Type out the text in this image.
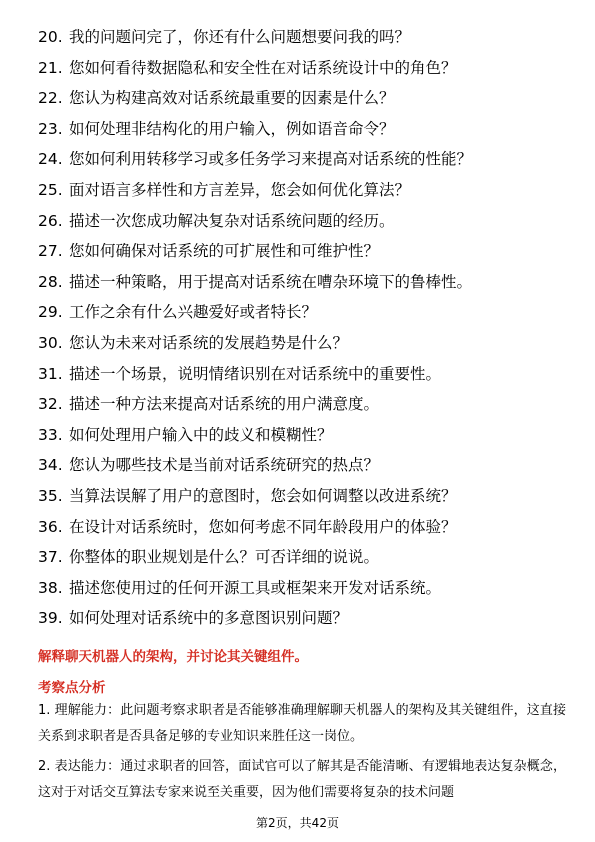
20. 我的问题问完了，你还有什么问题想要问我的吗？
21. 您如何看待数据隐私和安全性在对话系统设计中的角色？
22. 您认为构建高效对话系统最重要的因素是什么？
23. 如何处理非结构化的用户输入，例如语音命令？
24. 您如何利用转移学习或多任务学习来提高对话系统的性能？
25. 面对语言多样性和方言差异，您会如何优化算法？
26. 描述一次您成功解决复杂对话系统问题的经历。
27. 您如何确保对话系统的可扩展性和可维护性？
28. 描述一种策略，用于提高对话系统在嘈杂环境下的鲁棒性。
29. 工作之余有什么兴趣爱好或者特长？
30. 您认为未来对话系统的发展趋势是什么？
31. 描述一个场景，说明情绪识别在对话系统中的重要性。
32. 描述一种方法来提高对话系统的用户满意度。
33. 如何处理用户输入中的歧义和模糊性？
34. 您认为哪些技术是当前对话系统研究的热点？
35. 当算法误解了用户的意图时，您会如何调整以改进系统？
36. 在设计对话系统时，您如何考虑不同年龄段用户的体验？
37. 你整体的职业规划是什么？可否详细的说说。
38. 描述您使用过的任何开源工具或框架来开发对话系统。
39. 如何处理对话系统中的多意图识别问题？
解释聊天机器人的架构，并讨论其关键组件。
考察点分析

1. 理解能力：此问题考察求职者是否能够准确理解聊天机器人的架构及其关键组件，这直接关系到求职者是否具备足够的专业知识来胜任这一岗位。

2. 表达能力：通过求职者的回答，面试官可以了解其是否能清晰、有逻辑地表达复杂概念，这对于对话交互算法专家来说至关重要，因为他们需要将复杂的技术问题

第2页，共42页
